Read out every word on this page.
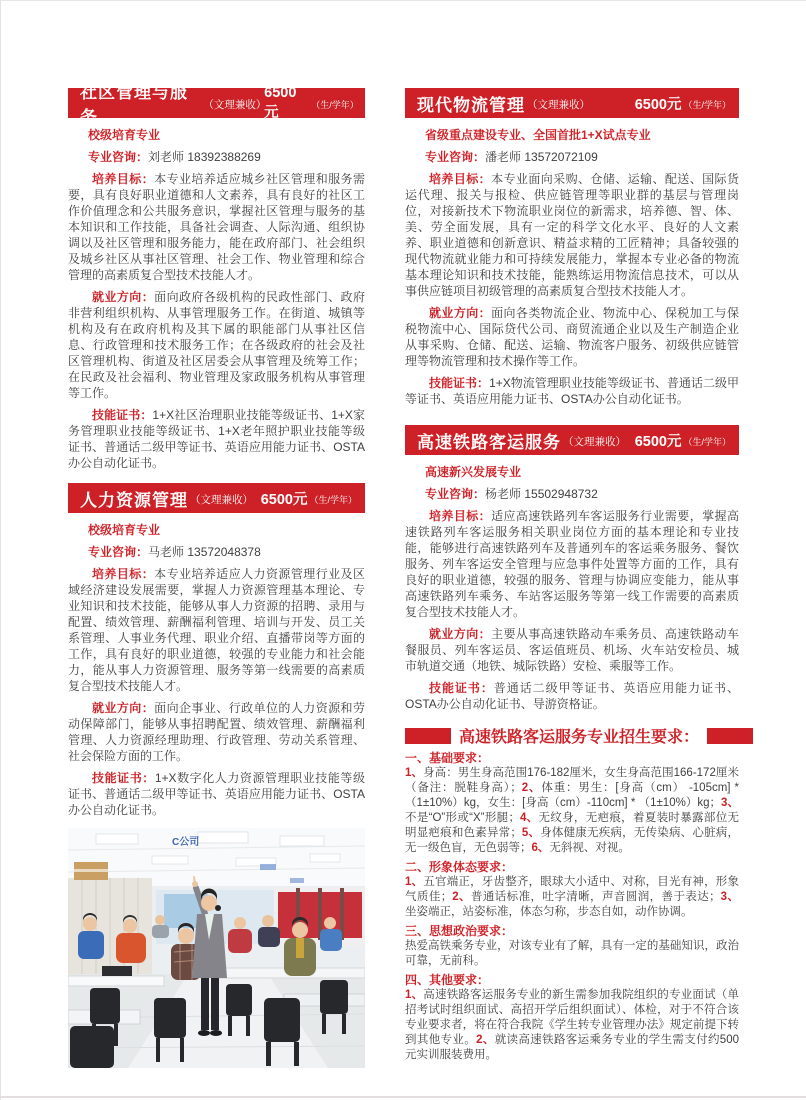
社区管理与服务
（文理兼收）
6500元	（生/学年）
校级培育专业
专业咨询：刘老师 18392388269

培养目标：本专业培养适应城乡社区管理和服务需要，具有良好职业道德和人文素养，具有良好的社区工作价值理念和公共服务意识，掌握社区管理与服务的基本知识和工作技能，具备社会调查、人际沟通、组织协调以及社区管理和服务能力，能在政府部门、社会组织及城乡社区从事社区管理、社会工作、物业管理和综合管理的高素质复合型技术技能人才。

就业方向：面向政府各级机构的民政性部门、政府非营利组织机构、从事管理服务工作。在街道、城镇等机构及有在政府机构及其下属的职能部门从事社区信息、行政管理和技术服务工作；在各级政府的社会及社区管理机构、街道及社区居委会从事管理及统筹工作；在民政及社会福利、物业管理及家政服务机构从事管理等工作。

技能证书：1+X社区治理职业技能等级证书、1+X家务管理职业技能等级证书、1+X老年照护职业技能等级证书、普通话二级甲等证书、英语应用能力证书、OSTA办公自动化证书。

人力资源管理 （文理兼收） 6500元 （生/学年）
校级培育专业
专业咨询：马老师 13572048378

培养目标：本专业培养适应人力资源管理行业及区域经济建设发展需要，掌握人力资源管理基本理论、专业知识和技术技能，能够从事人力资源的招聘、录用与配置、绩效管理、薪酬福利管理、培训与开发、员工关系管理、人事业务代理、职业介绍、直播带岗等方面的工作，具有良好的职业道德，较强的专业能力和社会能力，能从事人力资源管理、服务等第一线需要的高素质复合型技术技能人才。

就业方向：面向企事业、行政单位的人力资源和劳动保障部门，能够从事招聘配置、绩效管理、薪酬福利管理、人力资源经理助理、行政管理、劳动关系管理、社会保险方面的工作。

技能证书：1+X数字化人力资源管理职业技能等级证书、普通话二级甲等证书、英语应用能力证书、OSTA办公自动化证书。

C公司
现代物流管理 （文理兼收）	6500元 （生/学年）
省级重点建设专业、全国首批1+X试点专业
专业咨询：潘老师 13572072109

培养目标：本专业面向采购、仓储、运输、配送、国际货运代理、报关与报检、供应链管理等职业群的基层与管理岗位，对接新技术下物流职业岗位的新需求，培养德、智、体、美、劳全面发展，具有一定的科学文化水平、良好的人文素养、职业道德和创新意识、精益求精的工匠精神；具备较强的现代物流就业能力和可持续发展能力，掌握本专业必备的物流基本理论知识和技术技能，能熟练运用物流信息技术，可以从事供应链项目初级管理的高素质复合型技术技能人才。

就业方向：面向各类物流企业、物流中心、保税加工与保税物流中心、国际贷代公司、商贸流通企业以及生产制造企业从事采购、仓储、配送、运输、物流客户服务、初级供应链管理等物流管理和技术操作等工作。

技能证书：1+X物流管理职业技能等级证书、普通话二级甲等证书、英语应用能力证书、OSTA办公自动化证书。

高速铁路客运服务 （文理兼收） 6500元 （生/学年）
高速新兴发展专业
专业咨询：杨老师 15502948732

培养目标：适应高速铁路列车客运服务行业需要，掌握高速铁路列车客运服务相关职业岗位方面的基本理论和专业技能，能够进行高速铁路列车及普通列车的客运乘务服务、餐饮服务、列车客运安全管理与应急事件处置等方面的工作，具有良好的职业道德，较强的服务、管理与协调应变能力，能从事高速铁路列车乘务、车站客运服务等第一线工作需要的高素质复合型技术技能人才。

就业方向：主要从事高速铁路动车乘务员、高速铁路动车餐服员、列车客运员、客运值班员、机场、火车站安检员、城市轨道交通（地铁、城际铁路）安检、乘服等工作。

技能证书：普通话二级甲等证书、英语应用能力证书、OSTA办公自动化证书、导游资格证。

高速铁路客运服务专业招生要求：
一、基础要求：
1、身高：男生身高范围176-182厘米，女生身高范围166-172厘米（备注：脱鞋身高）；2、体重：男生：[身高（cm） -105cm] *（1±10%）kg，女生：[身高（cm）-110cm] * （1±10%）kg；3、不是“O”形或“X”形腿；4、无纹身，无疤痕，着夏装时暴露部位无明显疤痕和色素异常；5、身体健康无疾病，无传染病、心脏病，无一级色盲，无色弱等；6、无斜视、对视。
二、形象体态要求：
1、五官端正，牙齿整齐，眼球大小适中、对称，目光有神，形象气质佳；2、普通话标准，吐字清晰，声音圆润，善于表达；3、坐姿端正，站姿标准，体态匀称，步态自如，动作协调。
三、思想政治要求：
热爱高铁乘务专业，对该专业有了解，具有一定的基础知识，政治可靠，无前科。
四、其他要求：
1、高速铁路客运服务专业的新生需参加我院组织的专业面试（单招考试时组织面试、高招开学后组织面试）、体检，对于不符合该专业要求者，将在符合我院《学生转专业管理办法》规定前提下转到其他专业。2、就读高速铁路客运乘务专业的学生需支付约500元实训服装费用。
